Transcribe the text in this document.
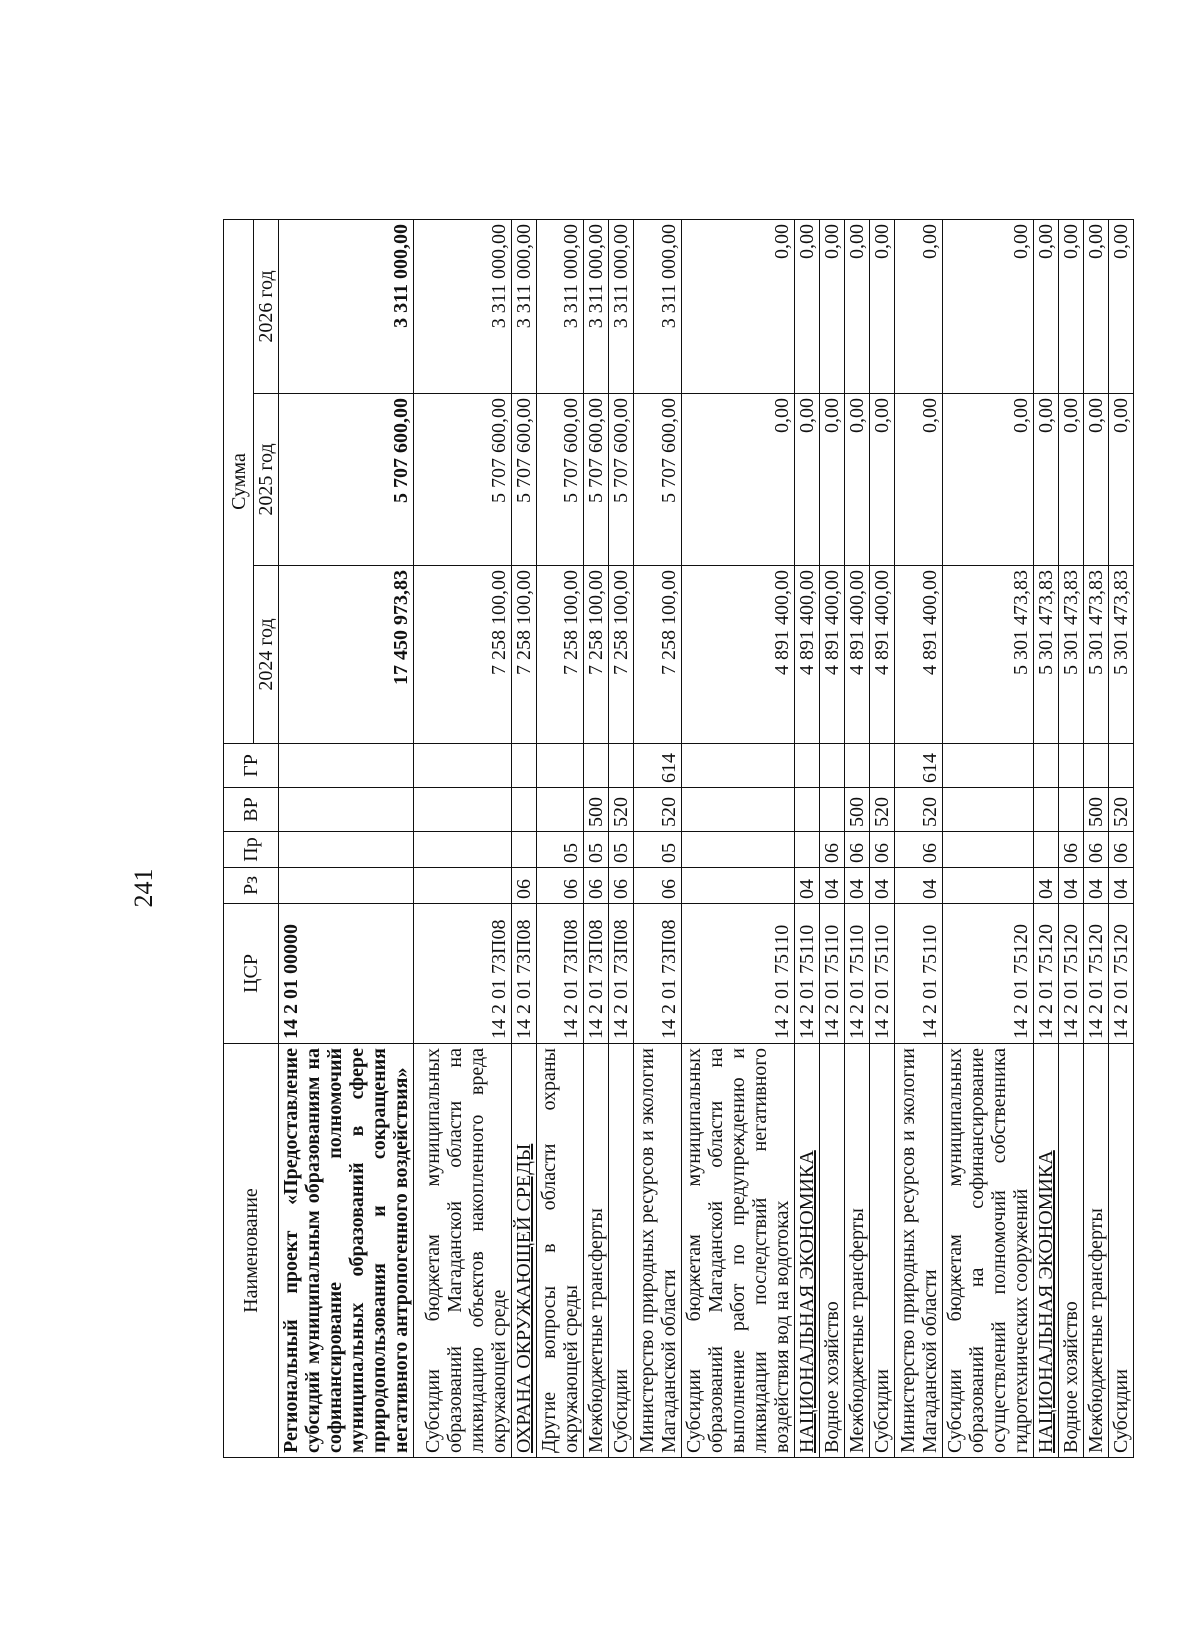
241
Наименование	ЦСР	Рз	Пр	ВР	ГР	Сумма		
						2024 год	2025 год	2026 год
Региональный проект «Предоставление субсидий муниципальным образованиям на софинансирование полномочий муниципальных образований в сфере природопользования и сокращения негативного антропогенного воздействия»	14 2 01 00000					17 450 973,83	5 707 600,00	3 311 000,00
Субсидии бюджетам муниципальных образований Магаданской области на ликвидацию объектов накопленного вреда окружающей среде	14 2 01 73П08					7 258 100,00	5 707 600,00	3 311 000,00
ОХРАНА ОКРУЖАЮЩЕЙ СРЕДЫ	14 2 01 73П08	06				7 258 100,00	5 707 600,00	3 311 000,00
Другие вопросы в области охраны окружающей среды	14 2 01 73П08	06	05			7 258 100,00	5 707 600,00	3 311 000,00
Межбюджетные трансферты	14 2 01 73П08	06	05	500		7 258 100,00	5 707 600,00	3 311 000,00
Субсидии	14 2 01 73П08	06	05	520		7 258 100,00	5 707 600,00	3 311 000,00
Министерство природных ресурсов и экологии Магаданской области	14 2 01 73П08	06	05	520	614	7 258 100,00	5 707 600,00	3 311 000,00
Субсидии бюджетам муниципальных образований Магаданской области на выполнение работ по предупреждению и ликвидации последствий негативного воздействия вод на водотоках	14 2 01 75110					4 891 400,00	0,00	0,00
НАЦИОНАЛЬНАЯ ЭКОНОМИКА	14 2 01 75110	04				4 891 400,00	0,00	0,00
Водное хозяйство	14 2 01 75110	04	06			4 891 400,00	0,00	0,00
Межбюджетные трансферты	14 2 01 75110	04	06	500		4 891 400,00	0,00	0,00
Субсидии	14 2 01 75110	04	06	520		4 891 400,00	0,00	0,00
Министерство природных ресурсов и экологии Магаданской области	14 2 01 75110	04	06	520	614	4 891 400,00	0,00	0,00
Субсидии бюджетам муниципальных образований на софинансирование осуществлений полномочий собственника гидротехнических сооружений	14 2 01 75120					5 301 473,83	0,00	0,00
НАЦИОНАЛЬНАЯ ЭКОНОМИКА	14 2 01 75120	04				5 301 473,83	0,00	0,00
Водное хозяйство	14 2 01 75120	04	06			5 301 473,83	0,00	0,00
Межбюджетные трансферты	14 2 01 75120	04	06	500		5 301 473,83	0,00	0,00
Субсидии	14 2 01 75120	04	06	520		5 301 473,83	0,00	0,00
